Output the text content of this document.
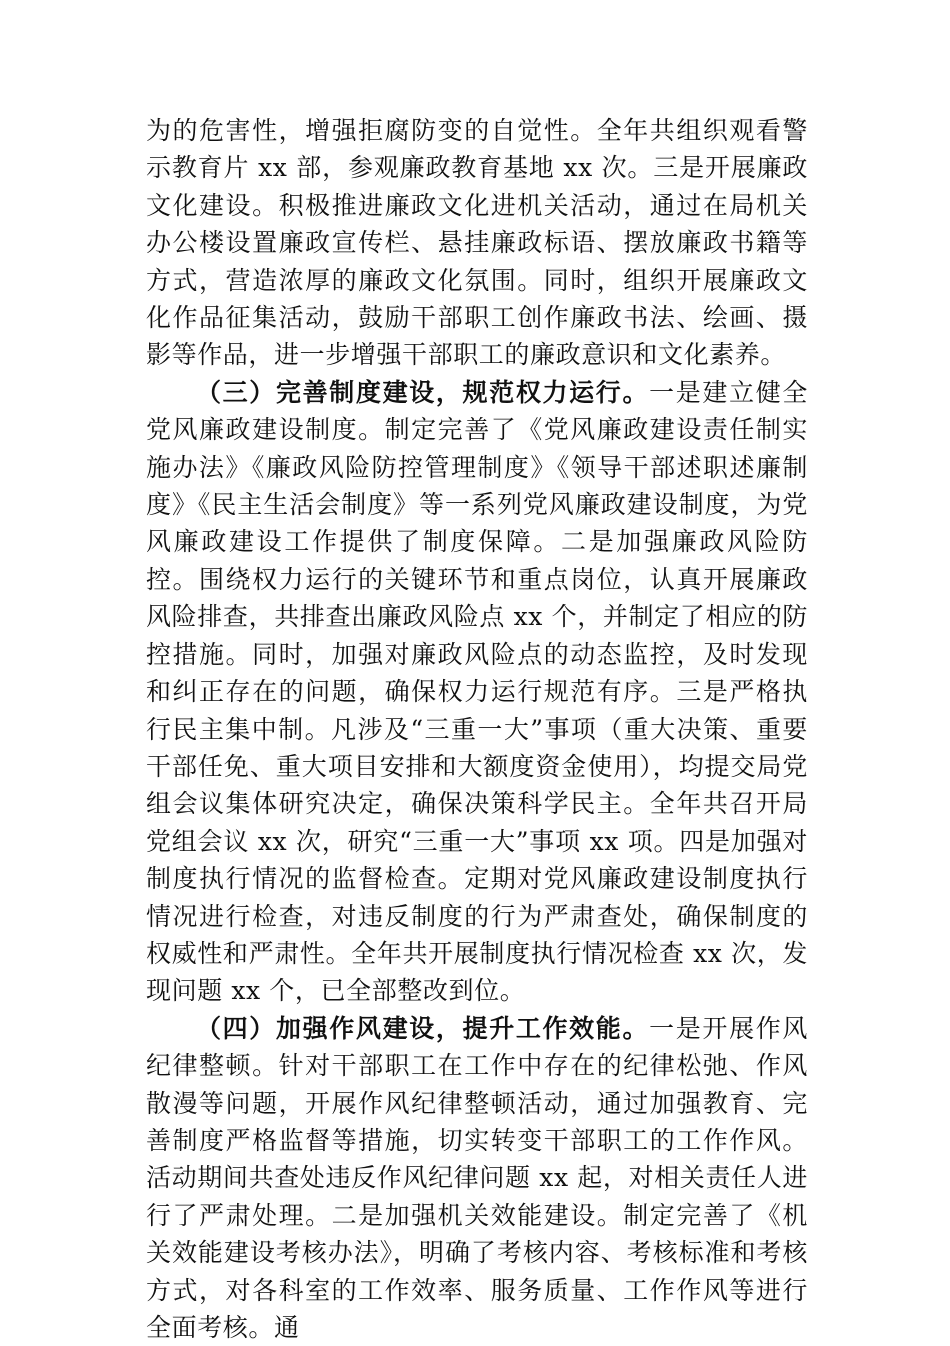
为的危害性，增强拒腐防变的自觉性。全年共组织观看警示教育片 xx 部，参观廉政教育基地 xx 次。三是开展廉政文化建设。积极推进廉政文化进机关活动，通过在局机关办公楼设置廉政宣传栏、悬挂廉政标语、摆放廉政书籍等方式，营造浓厚的廉政文化氛围。同时，组织开展廉政文化作品征集活动，鼓励干部职工创作廉政书法、绘画、摄影等作品，进一步增强干部职工的廉政意识和文化素养。

（三）完善制度建设，规范权力运行。一是建立健全党风廉政建设制度。制定完善了《党风廉政建设责任制实施办法》《廉政风险防控管理制度》《领导干部述职述廉制度》《民主生活会制度》等一系列党风廉政建设制度，为党风廉政建设工作提供了制度保障。二是加强廉政风险防控。围绕权力运行的关键环节和重点岗位，认真开展廉政风险排查，共排查出廉政风险点 xx 个，并制定了相应的防控措施。同时，加强对廉政风险点的动态监控，及时发现和纠正存在的问题，确保权力运行规范有序。三是严格执行民主集中制。凡涉及“三重一大”事项（重大决策、重要干部任免、重大项目安排和大额度资金使用），均提交局党组会议集体研究决定，确保决策科学民主。全年共召开局党组会议 xx 次，研究“三重一大”事项 xx 项。四是加强对制度执行情况的监督检查。定期对党风廉政建设制度执行情况进行检查，对违反制度的行为严肃查处，确保制度的权威性和严肃性。全年共开展制度执行情况检查 xx 次，发现问题 xx 个，已全部整改到位。

（四）加强作风建设，提升工作效能。一是开展作风纪律整顿。针对干部职工在工作中存在的纪律松弛、作风散漫等问题，开展作风纪律整顿活动，通过加强教育、完善制度严格监督等措施，切实转变干部职工的工作作风。活动期间共查处违反作风纪律问题 xx 起，对相关责任人进行了严肃处理。二是加强机关效能建设。制定完善了《机关效能建设考核办法》，明确了考核内容、考核标准和考核方式，对各科室的工作效率、服务质量、工作作风等进行全面考核。通
